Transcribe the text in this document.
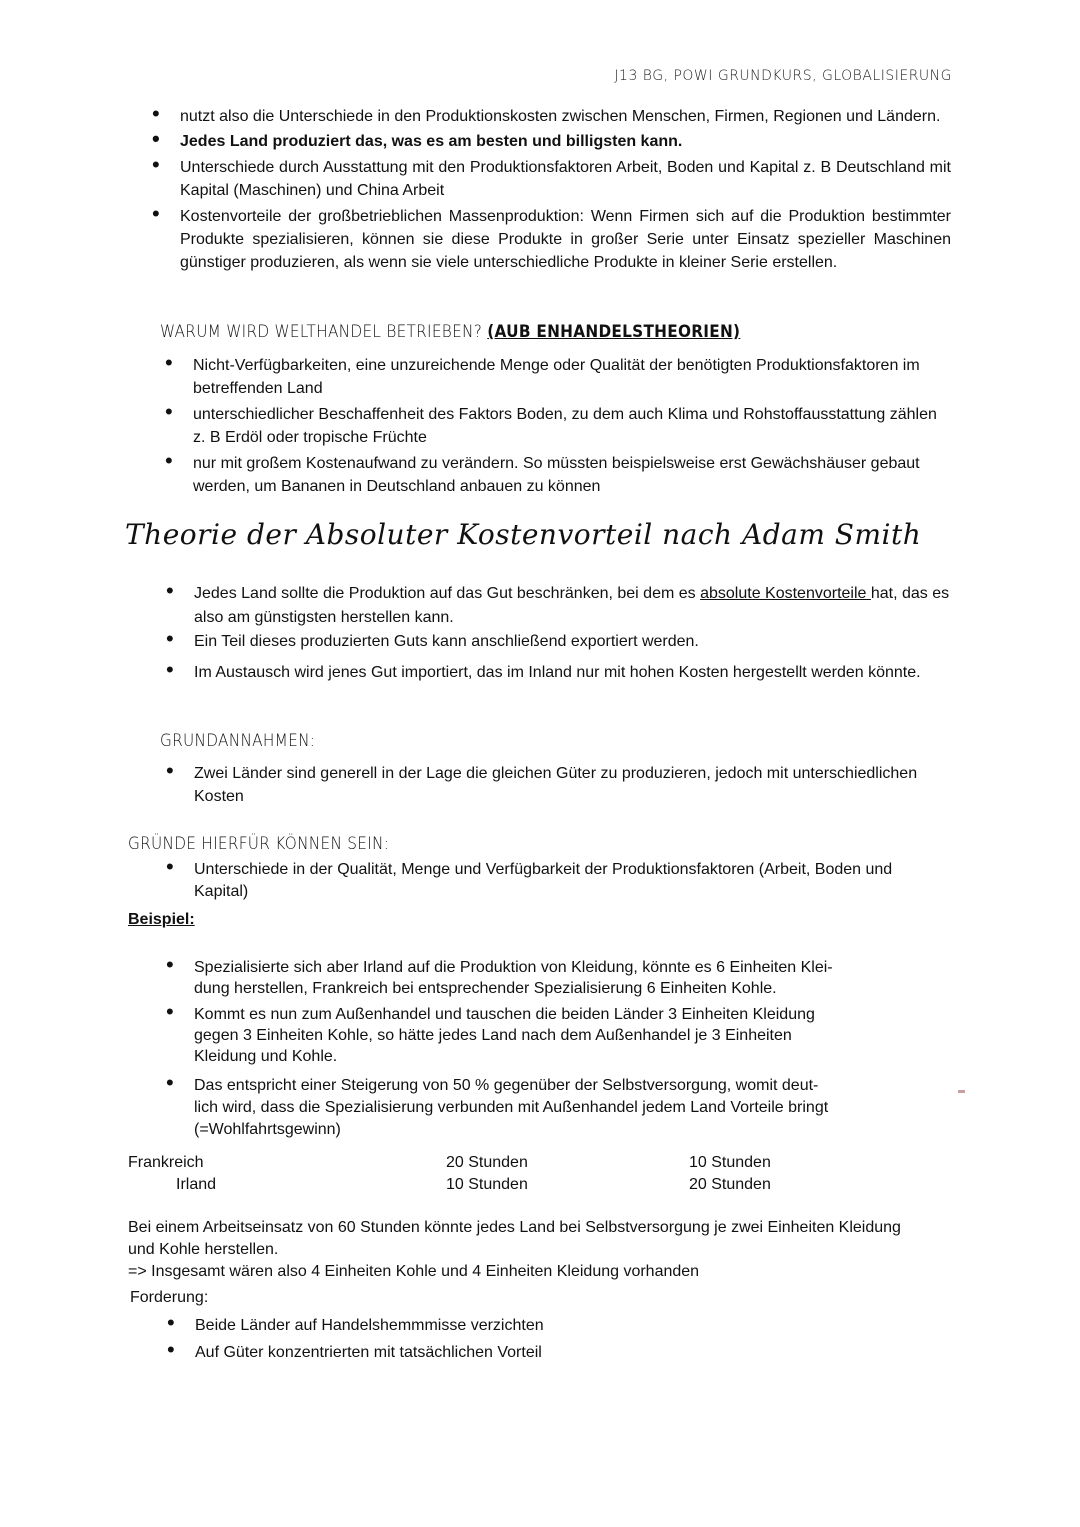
J13 BG, POWI GRUNDKURS, GLOBALISIERUNG
• nutzt also die Unterschiede in den Produktionskosten zwischen Menschen, Firmen, Regionen und Ländern.
• Jedes Land produziert das, was es am besten und billigsten kann.
• Unterschiede durch Ausstattung mit den Produktionsfaktoren Arbeit, Boden und Kapital z. B Deutschland mit Kapital (Maschinen) und China Arbeit
• Kostenvorteile der großbetrieblichen Massenproduktion: Wenn Firmen sich auf die Produktion bestimmter Produkte spezialisieren, können sie diese Produkte in großer Serie unter Einsatz spezieller Maschinen günstiger produzieren, als wenn sie viele unterschiedliche Produkte in kleiner Serie erstellen.
WARUM WIRD WELTHANDEL BETRIEBEN? (AUB ENHANDELSTHEORIEN)
• Nicht-Verfügbarkeiten, eine unzureichende Menge oder Qualität der benötigten Produktionsfaktoren im betreffenden Land
• unterschiedlicher Beschaffenheit des Faktors Boden, zu dem auch Klima und Rohstoffausstattung zählen z. B Erdöl oder tropische Früchte
• nur mit großem Kostenaufwand zu verändern. So müssten beispielsweise erst Gewächshäuser gebaut werden, um Bananen in Deutschland anbauen zu können
Theorie der Absoluter Kostenvorteil nach Adam Smith
• Jedes Land sollte die Produktion auf das Gut beschränken, bei dem es absolute Kostenvorteile hat, das es also am günstigsten herstellen kann.
• Ein Teil dieses produzierten Guts kann anschließend exportiert werden.
• Im Austausch wird jenes Gut importiert, das im Inland nur mit hohen Kosten hergestellt werden könnte.
GRUNDANNAHMEN:
• Zwei Länder sind generell in der Lage die gleichen Güter zu produzieren, jedoch mit unterschiedlichen Kosten
GRÜNDE HIERFÜR KÖNNEN SEIN:
• Unterschiede in der Qualität, Menge und Verfügbarkeit der Produktionsfaktoren (Arbeit, Boden und Kapital)
Beispiel:
• Spezialisierte sich aber Irland auf die Produktion von Kleidung, könnte es 6 Einheiten Klei-
dung herstellen, Frankreich bei entsprechender Spezialisierung 6 Einheiten Kohle.
• Kommt es nun zum Außenhandel und tauschen die beiden Länder 3 Einheiten Kleidung
gegen 3 Einheiten Kohle, so hätte jedes Land nach dem Außenhandel je 3 Einheiten
Kleidung und Kohle.
• Das entspricht einer Steigerung von 50 % gegenüber der Selbstversorgung, womit deut-
lich wird, dass die Spezialisierung verbunden mit Außenhandel jedem Land Vorteile bringt
(=Wohlfahrtsgewinn)
Frankreich	20 Stunden	10 Stunden
Irland	10 Stunden	20 Stunden
Bei einem Arbeitseinsatz von 60 Stunden könnte jedes Land bei Selbstversorgung je zwei Einheiten Kleidung
und Kohle herstellen.
=> Insgesamt wären also 4 Einheiten Kohle und 4 Einheiten Kleidung vorhanden
Forderung:
• Beide Länder auf Handelshemmmisse verzichten
• Auf Güter konzentrierten mit tatsächlichen Vorteil
